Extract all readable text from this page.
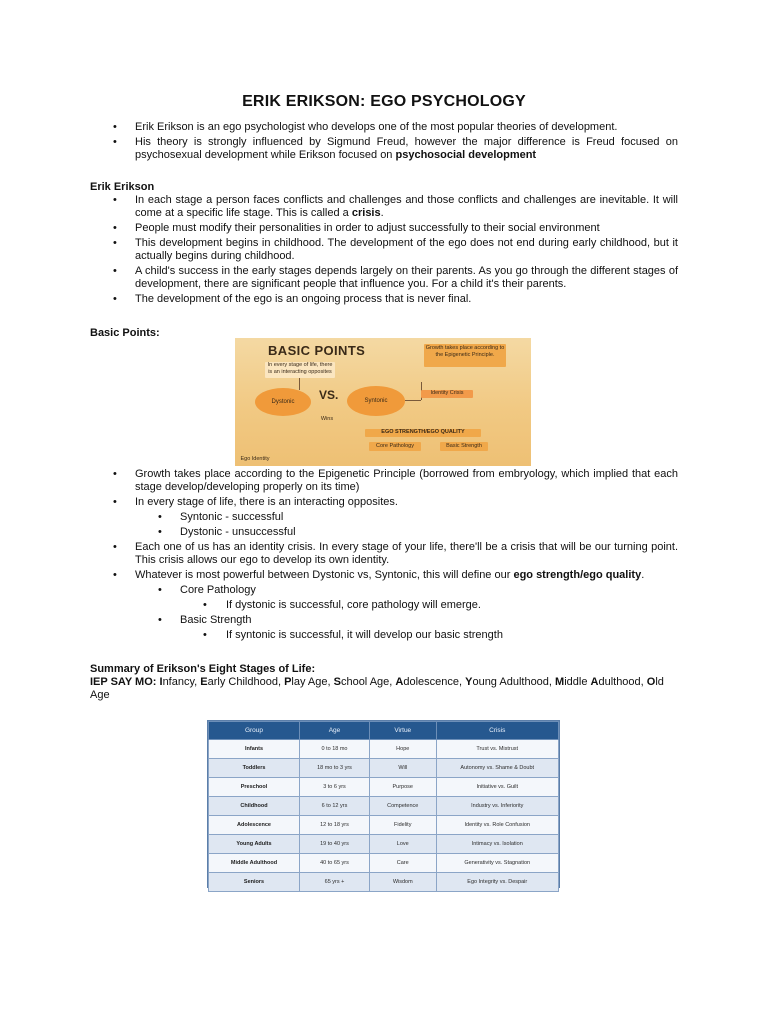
ERIK ERIKSON: EGO PSYCHOLOGY
• Erik Erikson is an ego psychologist who develops one of the most popular theories of development.
• His theory is strongly influenced by Sigmund Freud, however the major difference is Freud focused on psychosexual development while Erikson focused on psychosocial development
Erik Erikson
• In each stage a person faces conflicts and challenges and those conflicts and challenges are inevitable. It will come at a specific life stage. This is called a crisis.
• People must modify their personalities in order to adjust successfully to their social environment
• This development begins in childhood. The development of the ego does not end during early childhood, but it actually begins during childhood.
• A child's success in the early stages depends largely on their parents. As you go through the different stages of development, there are significant people that influence you. For a child it's their parents.
• The development of the ego is an ongoing process that is never final.
Basic Points:
BASIC POINTS	Growth takes place according to the Epigenetic Principle.
In every stage of life, there is an interacting opposites
Dystonic	VS.	Syntonic
Identity Crisis
Wins
EGO STRENGTH/EGO QUALITY
Core Pathology	Basic Strength
Ego Identity
• Growth takes place according to the Epigenetic Principle (borrowed from embryology, which implied that each stage develop/developing properly on its time)
• In every stage of life, there is an interacting opposites.
• Syntonic - successful
• Dystonic - unsuccessful
• Each one of us has an identity crisis. In every stage of your life, there'll be a crisis that will be our turning point. This crisis allows our ego to develop its own identity.
• Whatever is most powerful between Dystonic vs, Syntonic, this will define our ego strength/ego quality.
• Core Pathology
• If dystonic is successful, core pathology will emerge.
• Basic Strength
• If syntonic is successful, it will develop our basic strength
Summary of Erikson's Eight Stages of Life:
IEP SAY MO: Infancy, Early Childhood, Play Age, School Age, Adolescence, Young Adulthood, Middle Adulthood, Old Age
Group	Age	Virtue	Crisis
Infants	0 to 18 mo	Hope	Trust vs. Mistrust
Toddlers	18 mo to 3 yrs	Will	Autonomy vs. Shame & Doubt
Preschool	3 to 6 yrs	Purpose	Initiative vs. Guilt
Childhood	6 to 12 yrs	Competence	Industry vs. Inferiority
Adolescence	12 to 18 yrs	Fidelity	Identity vs. Role Confusion
Young Adults	19 to 40 yrs	Love	Intimacy vs. Isolation
Middle Adulthood	40 to 65 yrs	Care	Generativity vs. Stagnation
Seniors	65 yrs +	Wisdom	Ego Integrity vs. Despair
